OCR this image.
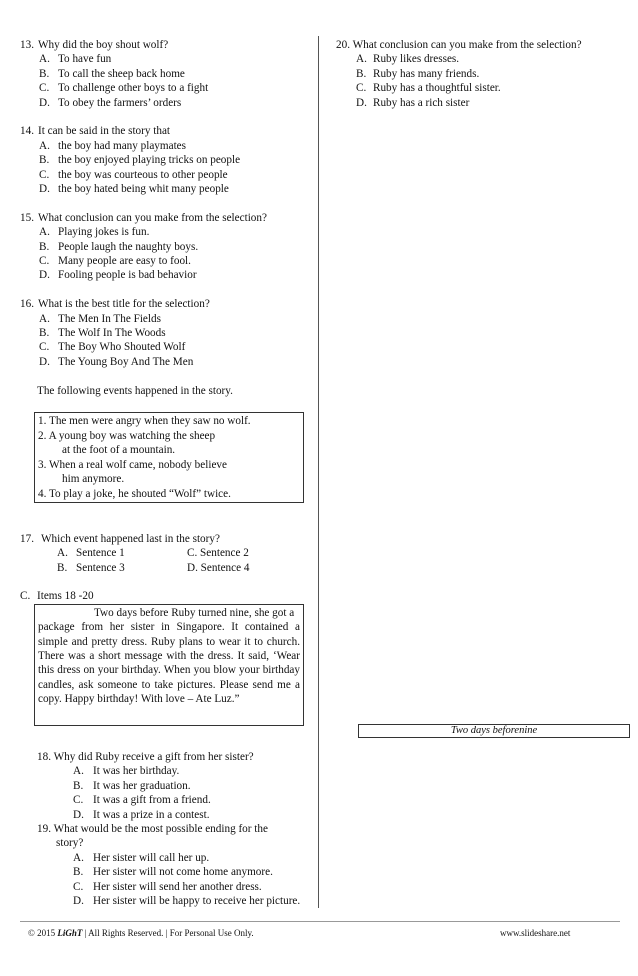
13. Why did the boy shout wolf?
A. To have fun
B. To call the sheep back home
C. To challenge other boys to a fight
D. To obey the farmers’ orders
14. It can be said in the story that
A. the boy had many playmates
B. the boy enjoyed playing tricks on people
C. the boy was courteous to other people
D. the boy hated being whit many people
15. What conclusion can you make from the selection?
A. Playing jokes is fun.
B. People laugh the naughty boys.
C. Many people are easy to fool.
D. Fooling people is bad behavior
16. What is the best title for the selection?
A. The Men In The Fields
B. The Wolf In The Woods
C. The Boy Who Shouted Wolf
D. The Young Boy And The Men
The following events happened in the story.
1. The men were angry when they saw no wolf.
2. A young boy was watching the sheep
at the foot of a mountain.
3. When a real wolf came, nobody believe
him anymore.
4. To play a joke, he shouted “Wolf” twice.
17. Which event happened last in the story?
A. Sentence 1	C. Sentence 2
B. Sentence 3	D. Sentence 4
C. Items 18 -20
Two days before Ruby turned nine, she got a
package from her sister in Singapore. It contained a simple and pretty dress. Ruby plans to wear it to church. There was a short message with the dress. It said, ‘Wear this dress on your birthday. When you blow your birthday candles, ask someone to take pictures. Please send me a copy. Happy birthday! With love – Ate Luz.”
18. Why did Ruby receive a gift from her sister?
A. It was her birthday.
B. It was her graduation.
C. It was a gift from a friend.
D. It was a prize in a contest.
19. What would be the most possible ending for the
story?
A. Her sister will call her up.
B. Her sister will not come home anymore.
C. Her sister will send her another dress.
D. Her sister will be happy to receive her picture.
20. What conclusion can you make from the selection?
A. Ruby likes dresses.
B. Ruby has many friends.
C. Ruby has a thoughtful sister.
D. Ruby has a rich sister
Two days beforenine
© 2015 LiGhT | All Rights Reserved. | For Personal Use Only.	www.slideshare.net
